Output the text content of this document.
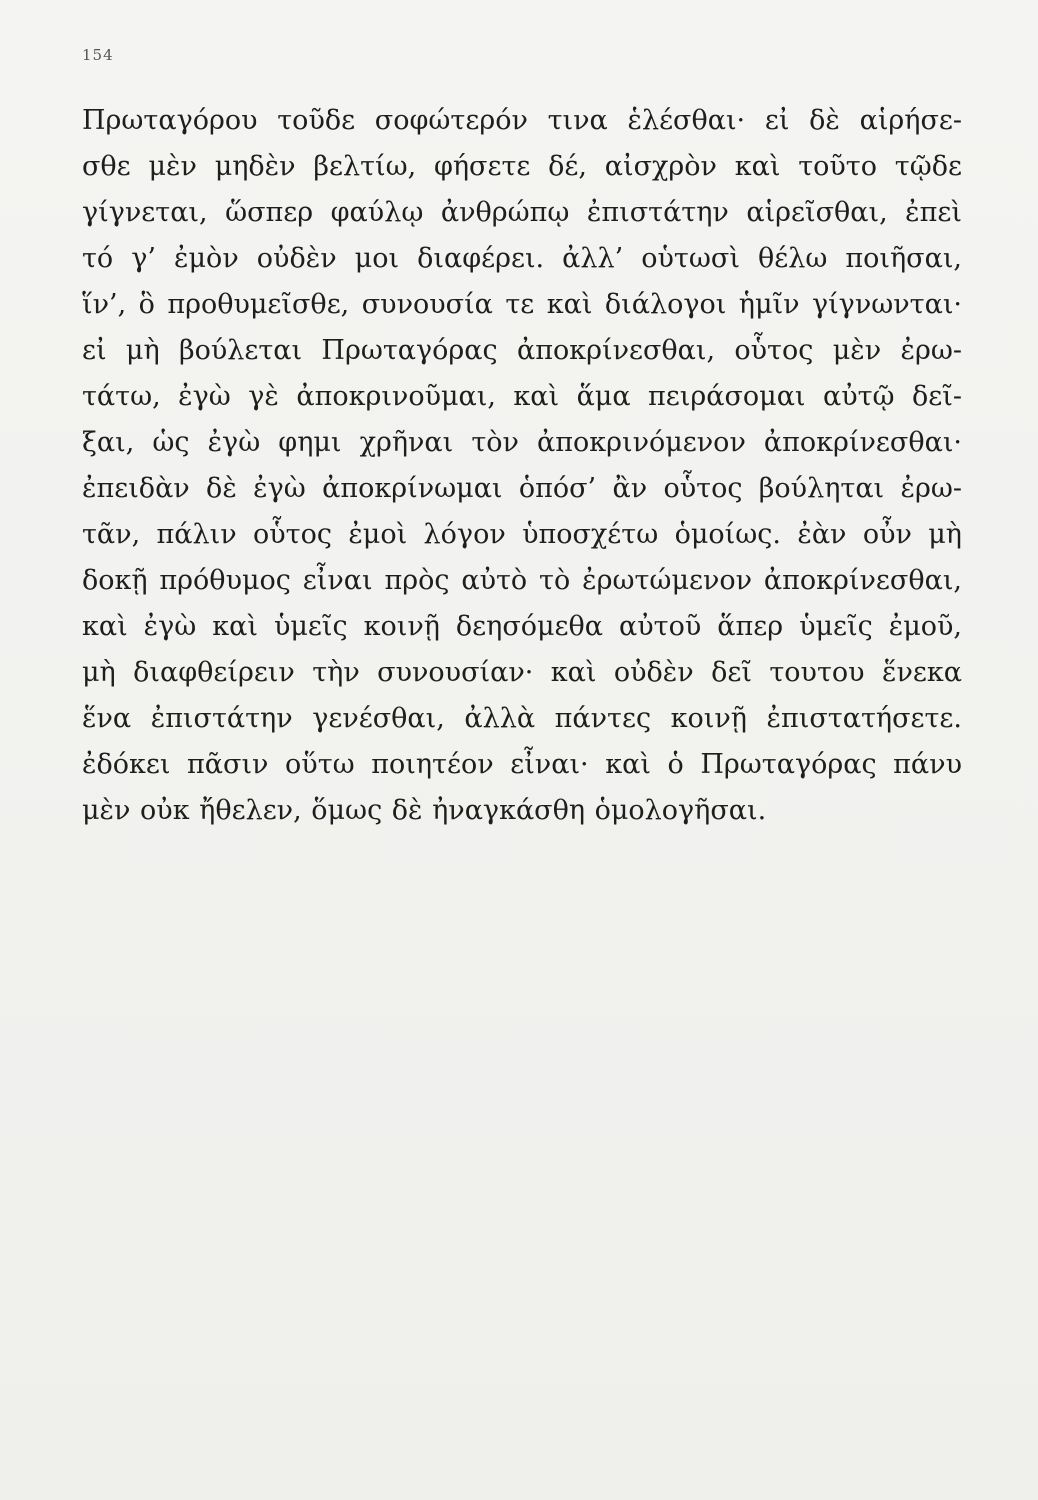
154
Πρωταγόρου τοῦδε σοφώτερόν τινα ἑλέσθαι· εἰ δὲ αἱρήσε-
σθε μὲν μηδὲν βελτίω, φήσετε δέ, αἰσχρὸν καὶ τοῦτο τῷδε
γίγνεται, ὥσπερ φαύλῳ ἀνθρώπῳ ἐπιστάτην αἱρεῖσθαι, ἐπεὶ
τό γ’ ἐμὸν οὐδὲν μοι διαφέρει. ἀλλ’ οὑτωσὶ θέλω ποιῆσαι,
ἵν’, ὃ προθυμεῖσθε, συνουσία τε καὶ διάλογοι ἡμῖν γίγνωνται·
εἰ μὴ βούλεται Πρωταγόρας ἀποκρίνεσθαι, οὗτος μὲν ἐρω-
τάτω, ἐγὼ γὲ ἀποκρινοῦμαι, καὶ ἅμα πειράσομαι αὐτῷ δεῖ-
ξαι, ὡς ἐγὼ φημι χρῆναι τὸν ἀποκρινόμενον ἀποκρίνεσθαι·
ἐπειδὰν δὲ ἐγὼ ἀποκρίνωμαι ὁπόσ’ ἂν οὗτος βούληται ἐρω-
τᾶν, πάλιν οὗτος ἐμοὶ λόγον ὑποσχέτω ὁμοίως. ἐὰν οὖν μὴ
δοκῇ πρόθυμος εἶναι πρὸς αὐτὸ τὸ ἐρωτώμενον ἀποκρίνεσθαι,
καὶ ἐγὼ καὶ ὑμεῖς κοινῇ δεησόμεθα αὐτοῦ ἅπερ ὑμεῖς ἐμοῦ,
μὴ διαφθείρειν τὴν συνουσίαν· καὶ οὐδὲν δεῖ τουτου ἕνεκα
ἕνα ἐπιστάτην γενέσθαι, ἀλλὰ πάντες κοινῇ ἐπιστατήσετε.
ἐδόκει πᾶσιν οὕτω ποιητέον εἶναι· καὶ ὁ Πρωταγόρας πάνυ
μὲν οὐκ ἤθελεν, ὅμως δὲ ἠναγκάσθη ὁμολογῆσαι.
